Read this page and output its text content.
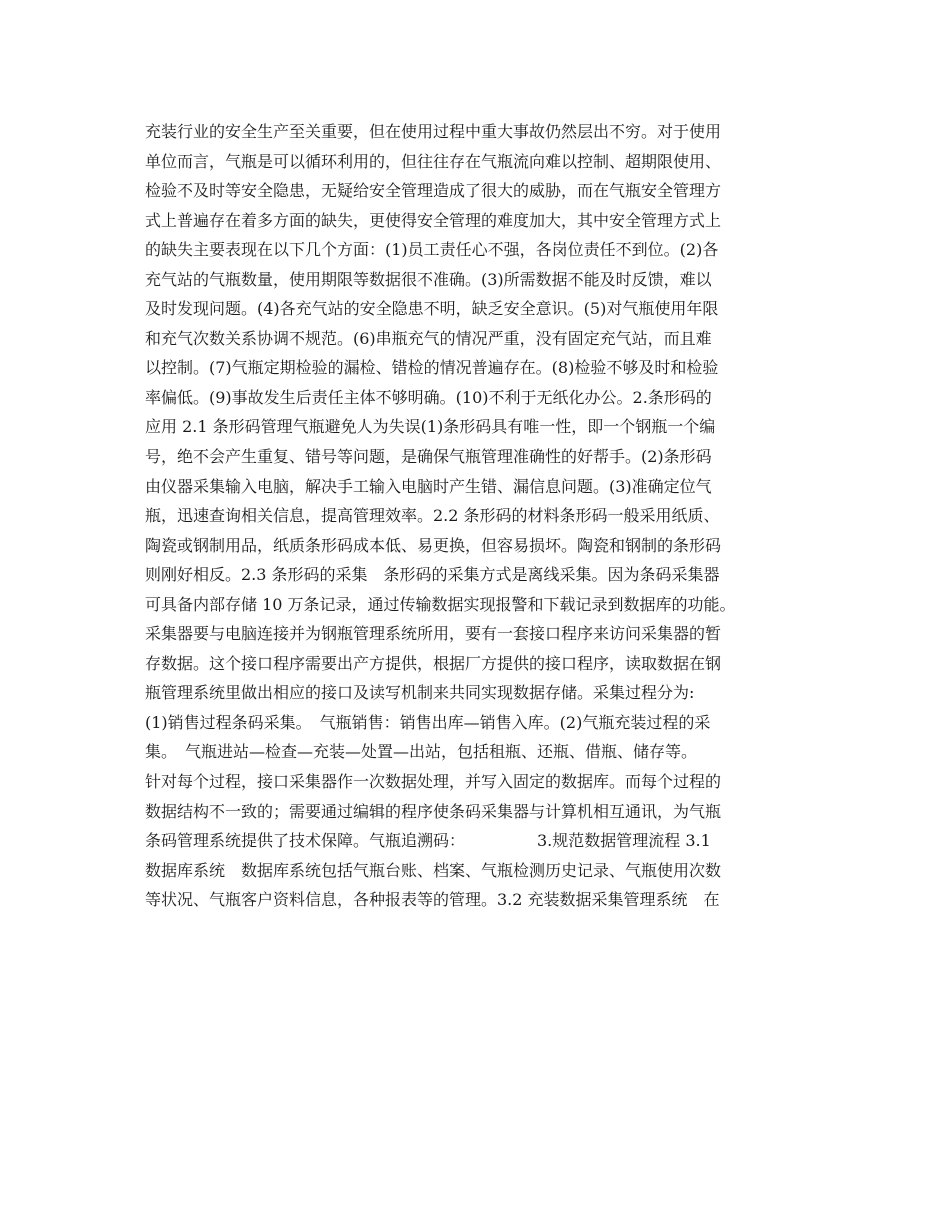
充装行业的安全生产至关重要，但在使用过程中重大事故仍然层出不穷。对于使用
单位而言，气瓶是可以循环利用的，但往往存在气瓶流向难以控制、超期限使用、
检验不及时等安全隐患，无疑给安全管理造成了很大的威胁，而在气瓶安全管理方
式上普遍存在着多方面的缺失，更使得安全管理的难度加大，其中安全管理方式上
的缺失主要表现在以下几个方面：(1)员工责任心不强，各岗位责任不到位。(2)各
充气站的气瓶数量，使用期限等数据很不准确。(3)所需数据不能及时反馈，难以
及时发现问题。(4)各充气站的安全隐患不明，缺乏安全意识。(5)对气瓶使用年限
和充气次数关系协调不规范。(6)串瓶充气的情况严重，没有固定充气站，而且难
以控制。(7)气瓶定期检验的漏检、错检的情况普遍存在。(8)检验不够及时和检验
率偏低。(9)事故发生后责任主体不够明确。(10)不利于无纸化办公。2.条形码的
应用 2.1 条形码管理气瓶避免人为失误(1)条形码具有唯一性，即一个钢瓶一个编
号，绝不会产生重复、错号等问题，是确保气瓶管理准确性的好帮手。(2)条形码
由仪器采集输入电脑，解决手工输入电脑时产生错、漏信息问题。(3)准确定位气
瓶，迅速查询相关信息，提高管理效率。2.2 条形码的材料条形码一般采用纸质、
陶瓷或钢制用品，纸质条形码成本低、易更换，但容易损坏。陶瓷和钢制的条形码
则刚好相反。2.3 条形码的采集　条形码的采集方式是离线采集。因为条码采集器
可具备内部存储 10 万条记录，通过传输数据实现报警和下载记录到数据库的功能。
采集器要与电脑连接并为钢瓶管理系统所用，要有一套接口程序来访问采集器的暂
存数据。这个接口程序需要出产方提供，根据厂方提供的接口程序，读取数据在钢
瓶管理系统里做出相应的接口及读写机制来共同实现数据存储。采集过程分为:
(1)销售过程条码采集。　气瓶销售：销售出库—销售入库。(2)气瓶充装过程的采
集。　气瓶进站—检查—充装—处置—出站，包括租瓶、还瓶、借瓶、储存等。
针对每个过程，接口采集器作一次数据处理，并写入固定的数据库。而每个过程的
数据结构不一致的；需要通过编辑的程序使条码采集器与计算机相互通讯，为气瓶
条码管理系统提供了技术保障。气瓶追溯码：　　　　　3.规范数据管理流程 3.1
数据库系统　数据库系统包括气瓶台账、档案、气瓶检测历史记录、气瓶使用次数
等状况、气瓶客户资料信息，各种报表等的管理。3.2 充装数据采集管理系统　在
